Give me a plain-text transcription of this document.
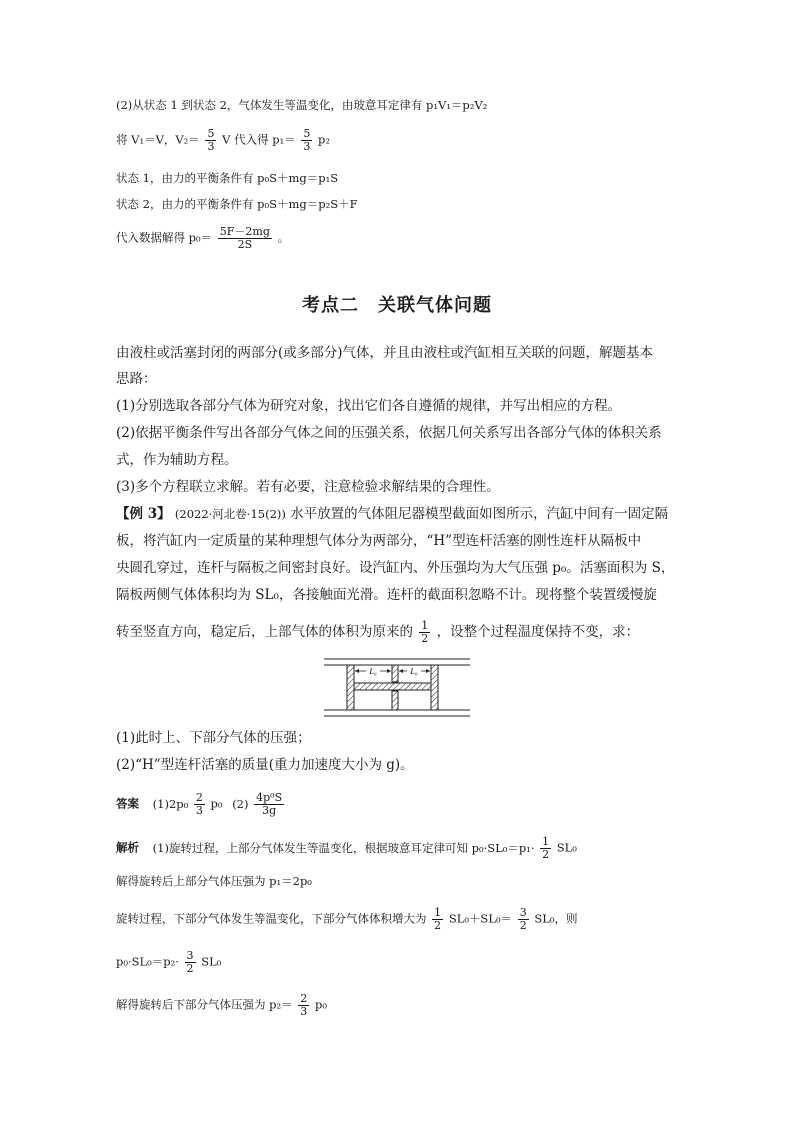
(2)从状态 1 到状态 2，气体发生等温变化，由玻意耳定律有 p₁V₁＝p₂V₂
将 V₁＝V，$V_2= \frac{5}{3}$ V 代入得 $p_1= \frac{5}{3} p_2$
状态 1，由力的平衡条件有 p₀S＋mg＝p₁S
状态 2，由力的平衡条件有 p₀S＋mg＝p₂S＋F
代入数据解得 $p_0= \frac{5F-2mg}{2S}$ 。
考点二　关联气体问题
由液柱或活塞封闭的两部分(或多部分)气体，并且由液柱或汽缸相互关联的问题，解题基本
思路：
(1)分别选取各部分气体为研究对象，找出它们各自遵循的规律，并写出相应的方程。
(2)依据平衡条件写出各部分气体之间的压强关系，依据几何关系写出各部分气体的体积关系
式，作为辅助方程。
(3)多个方程联立求解。若有必要，注意检验求解结果的合理性。
【例 3】 (2022·河北卷·15(2)) 水平放置的气体阻尼器模型截面如图所示，汽缸中间有一固定隔
板，将汽缸内一定质量的某种理想气体分为两部分，“H”型连杆活塞的刚性连杆从隔板中
央圆孔穿过，连杆与隔板之间密封良好。设汽缸内、外压强均为大气压强 p₀。活塞面积为 S，
隔板两侧气体体积均为 SL₀，各接触面光滑。连杆的截面积忽略不计。现将整个装置缓慢旋
转至竖直方向，稳定后，上部气体的体积为原来的 $\frac{1}{2}$ ，设整个过程温度保持不变，求：
L₀	L₀
(1)此时上、下部分气体的压强；
(2)“H”型连杆活塞的质量(重力加速度大小为 g)。
答案 $(1)2p_0 \frac{2}{3} p_0$ $(2) \frac{\text{4p⁰S}}{3g}$
解析 (1)旋转过程，上部分气体发生等温变化，根据玻意耳定律可知 $p_0\cdot SL_0=p_1\cdot \frac{1}{2} SL_0$
解得旋转后上部分气体压强为 p₁＝2p₀
旋转过程，下部分气体发生等温变化，下部分气体体积增大为 $\frac{1}{2} SL_0+SL_0= \frac{3}{2} SL_0$，则
$p_0\cdot SL_0=p_2\cdot \frac{3}{2} SL_0$
解得旋转后下部分气体压强为 $p_2= \frac{2}{3} p_0$
